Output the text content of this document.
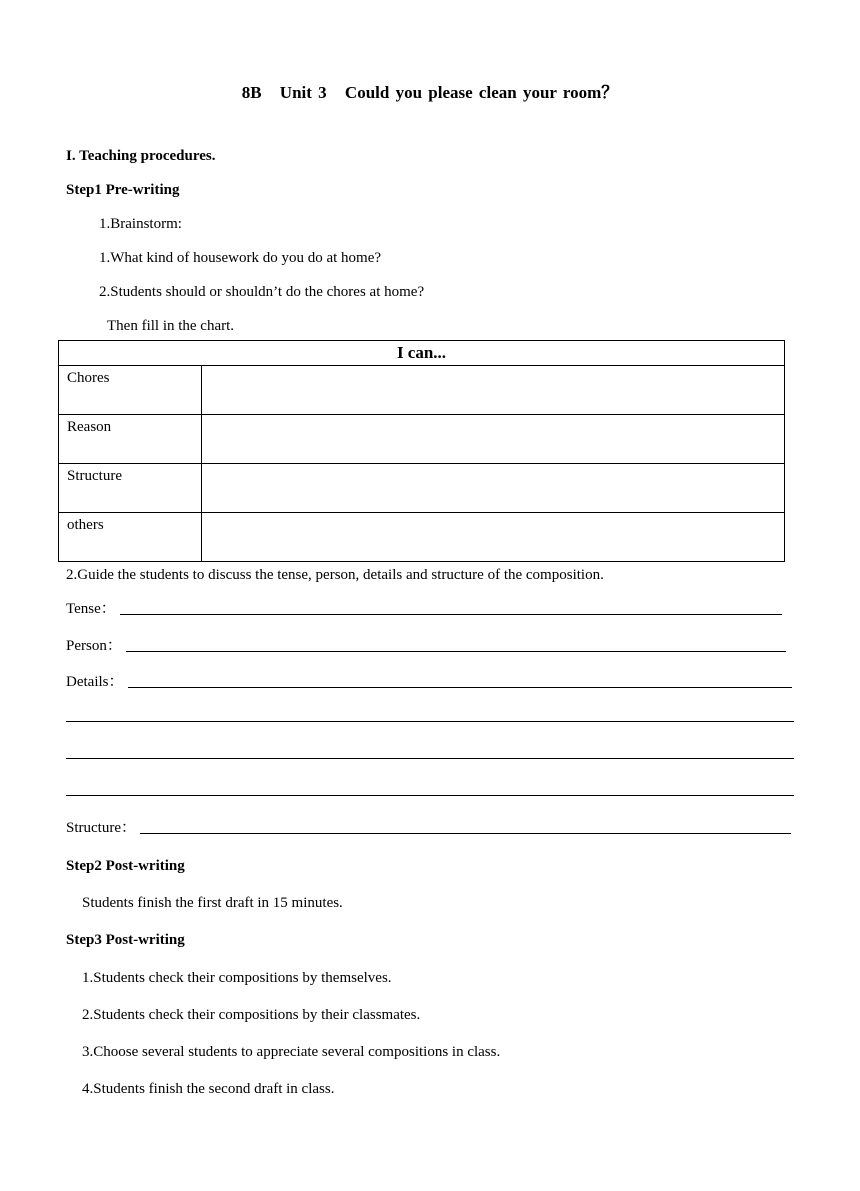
8B Unit 3 Could you please clean your room？
I. Teaching procedures.
Step1 Pre-writing
1.Brainstorm:
1.What kind of housework do you do at home?
2.Students should or shouldn’t do the chores at home?
Then fill in the chart.
I can...	
Chores	
Reason	
Structure	
others	
2.Guide the students to discuss the tense, person, details and structure of the composition.
Tense：
Person：
Details：
Structure：
Step2 Post-writing
Students finish the first draft in 15 minutes.
Step3 Post-writing
1.Students check their compositions by themselves.
2.Students check their compositions by their classmates.
3.Choose several students to appreciate several compositions in class.
4.Students finish the second draft in class.
